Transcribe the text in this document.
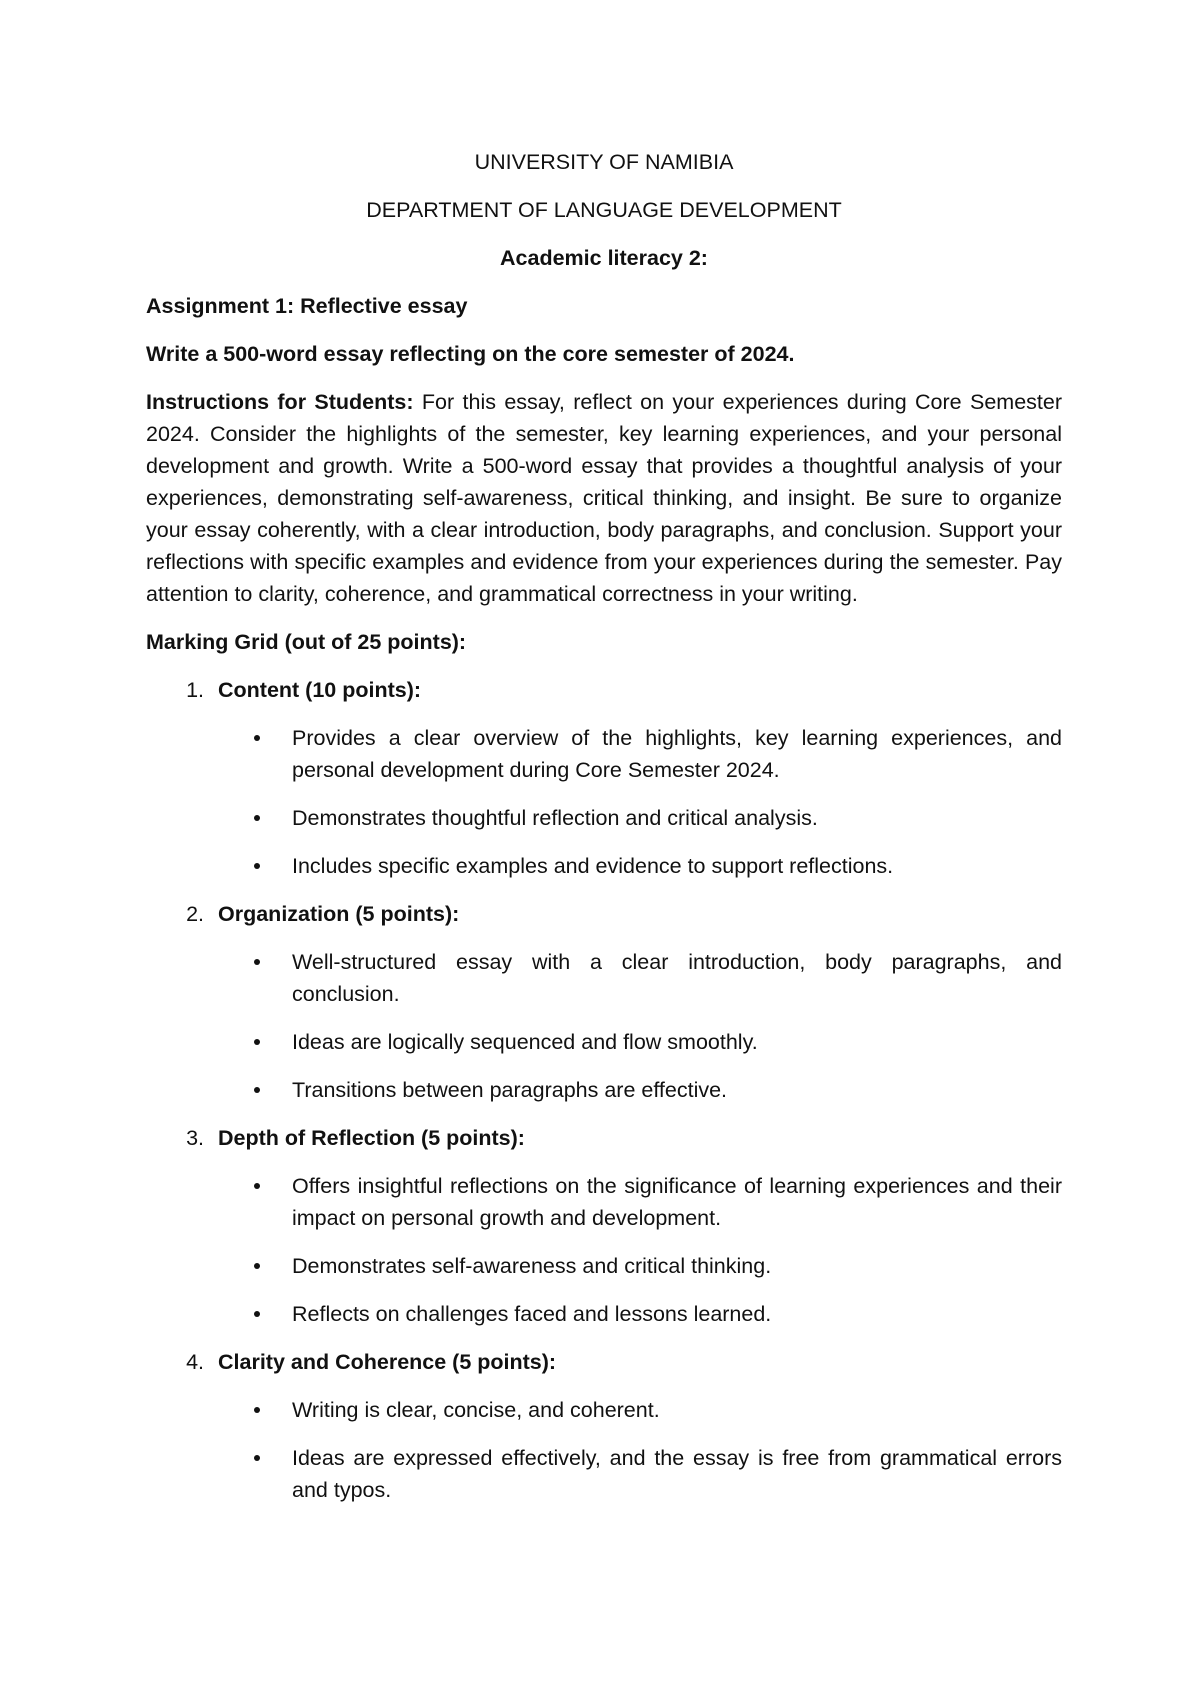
UNIVERSITY OF NAMIBIA
DEPARTMENT OF LANGUAGE DEVELOPMENT
Academic literacy 2:

Assignment 1: Reflective essay

Write a 500-word essay reflecting on the core semester of 2024.

Instructions for Students: For this essay, reflect on your experiences during Core Semester 2024. Consider the highlights of the semester, key learning experiences, and your personal development and growth. Write a 500-word essay that provides a thoughtful analysis of your experiences, demonstrating self-awareness, critical thinking, and insight. Be sure to organize your essay coherently, with a clear introduction, body paragraphs, and conclusion. Support your reflections with specific examples and evidence from your experiences during the semester. Pay attention to clarity, coherence, and grammatical correctness in your writing.

Marking Grid (out of 25 points):

1. Content (10 points):
Provides a clear overview of the highlights, key learning experiences, and personal development during Core Semester 2024.
Demonstrates thoughtful reflection and critical analysis.
Includes specific examples and evidence to support reflections.
2. Organization (5 points):
Well-structured essay with a clear introduction, body paragraphs, and conclusion.
Ideas are logically sequenced and flow smoothly.
Transitions between paragraphs are effective.
3. Depth of Reflection (5 points):
Offers insightful reflections on the significance of learning experiences and their impact on personal growth and development.
Demonstrates self-awareness and critical thinking.
Reflects on challenges faced and lessons learned.
4. Clarity and Coherence (5 points):
Writing is clear, concise, and coherent.
Ideas are expressed effectively, and the essay is free from grammatical errors and typos.
